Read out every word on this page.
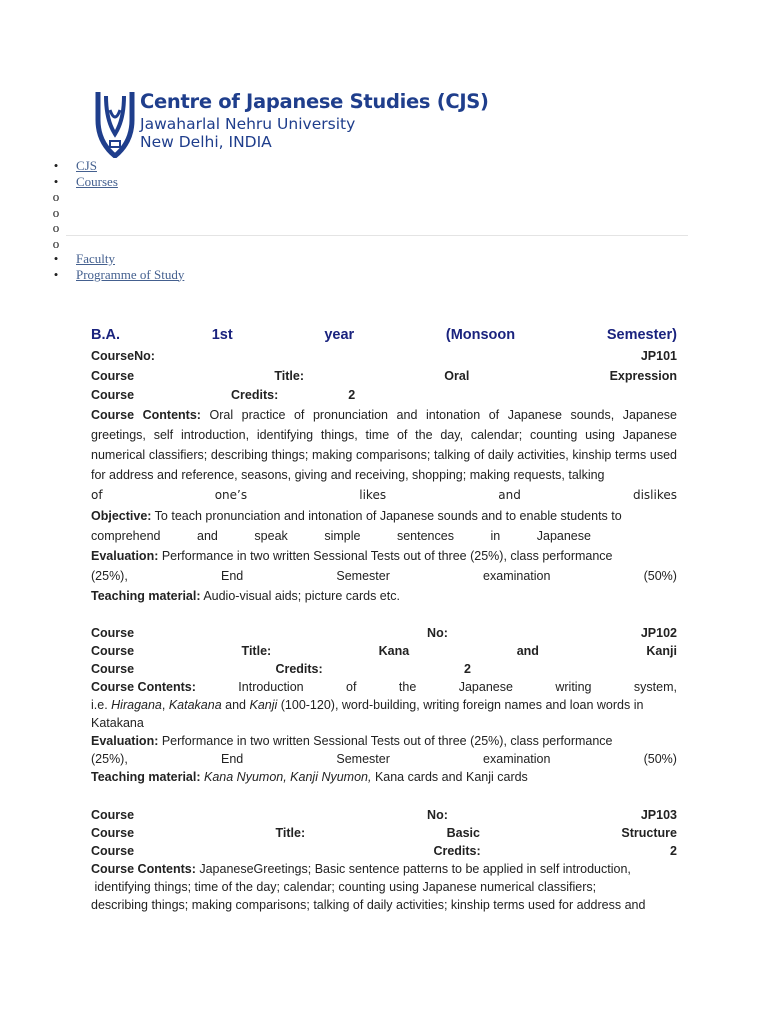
Centre of Japanese Studies (CJS)
Jawaharlal Nehru University
New Delhi, INDIA
• CJS
• Courses
o
o
o
o
• Faculty
• Programme of Study
B.A.	1st	year	(Monsoon	Semester)
CourseNo:	JP101
Course	Title:	Oral	Expression
Course	Credits:	2
Course Contents: Oral practice of pronunciation and intonation of Japanese sounds, Japanese greetings, self introduction, identifying things, time of the day, calendar; counting using Japanese numerical classifiers; describing things; making comparisons; talking of daily activities, kinship terms used for address and reference, seasons, giving and receiving, shopping; making requests, talking
of	one’s	likes	and	dislikes
Objective: To teach pronunciation and intonation of Japanese sounds and to enable students to
comprehend	and	speak	simple	sentences	in	Japanese
Evaluation: Performance in two written Sessional Tests out of three (25%), class performance
(25%),	End	Semester	examination	(50%)
Teaching material: Audio-visual aids; picture cards etc.
Course	No:	JP102
Course	Title:	Kana	and	Kanji
Course	Credits:	2
Course Contents:	Introduction	of	the	Japanese	writing	system,
i.e. Hiragana , Katakana and Kanji (100-120), word-building, writing foreign names and loan words in
Katakana
Evaluation: Performance in two written Sessional Tests out of three (25%), class performance
(25%),	End	Semester	examination	(50%)
Teaching material:
Kana Nyumon, Kanji Nyumon, Kana cards and Kanji cards
Course	No:	JP103
Course	Title:	Basic	Structure
Course	Credits:	2
Course Contents: JapaneseGreetings; Basic sentence patterns to be applied in self introduction,
identifying things; time of the day; calendar; counting using Japanese numerical classifiers;
describing things; making comparisons; talking of daily activities; kinship terms used for address and
